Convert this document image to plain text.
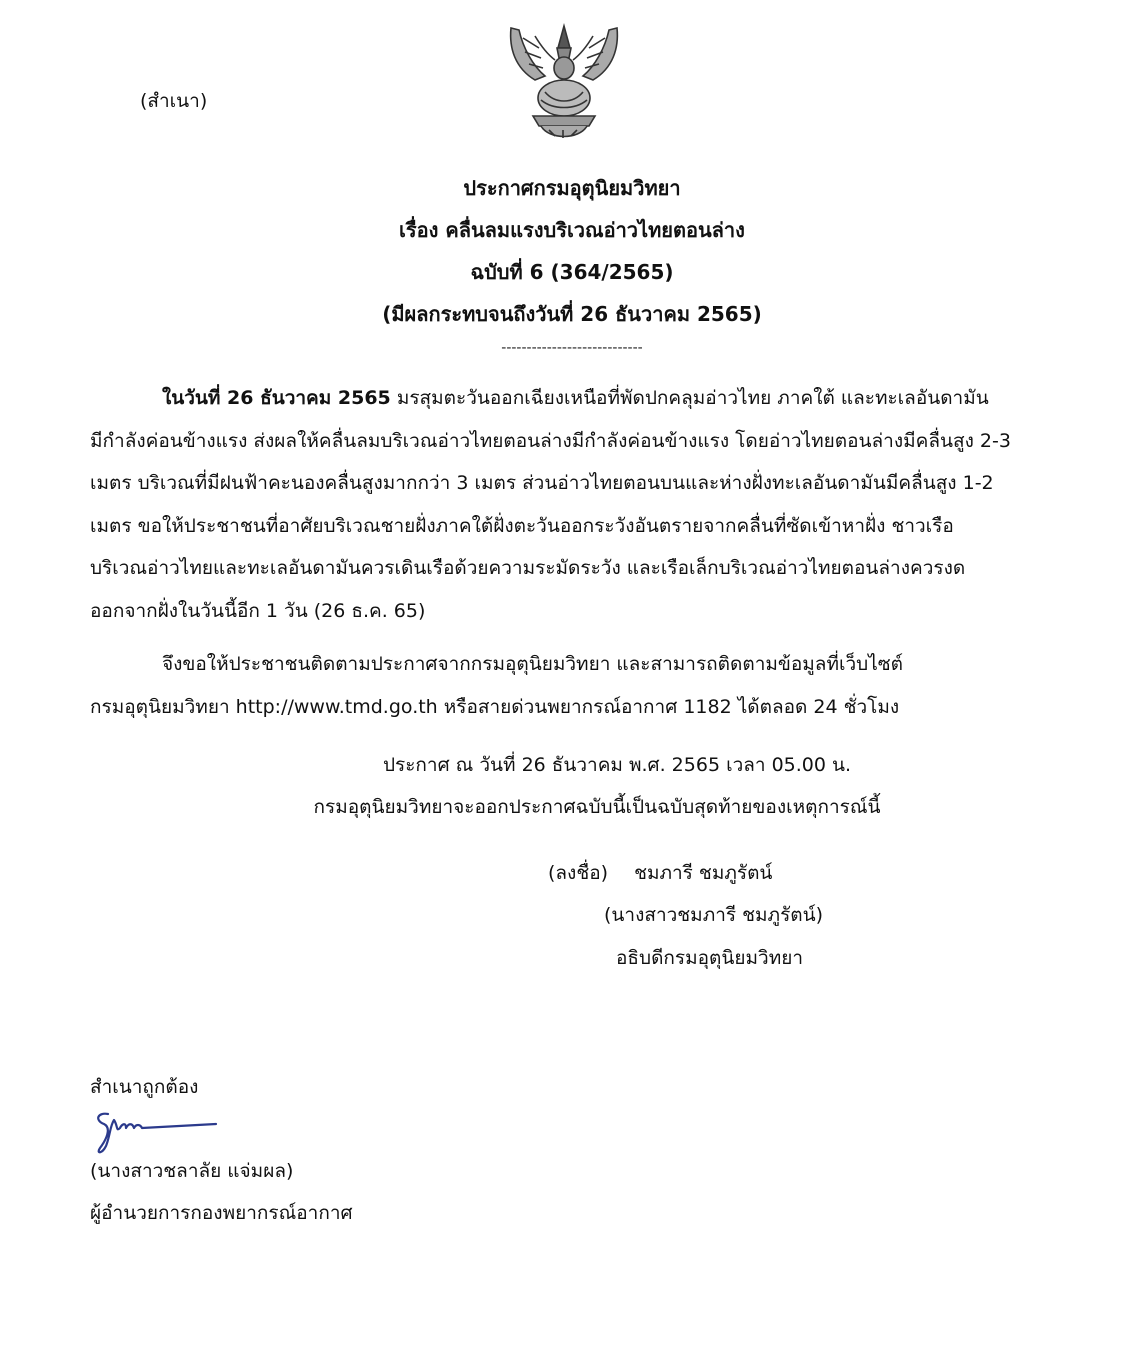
(สำเนา)
ประกาศกรมอุตุนิยมวิทยา
เรื่อง คลื่นลมแรงบริเวณอ่าวไทยตอนล่าง
ฉบับที่ 6 (364/2565)
(มีผลกระทบจนถึงวันที่ 26 ธันวาคม 2565)
----------------------------
ในวันที่ 26 ธันวาคม 2565 มรสุมตะวันออกเฉียงเหนือที่พัดปกคลุมอ่าวไทย ภาคใต้ และทะเลอันดามัน
มีกำลังค่อนข้างแรง ส่งผลให้คลื่นลมบริเวณอ่าวไทยตอนล่างมีกำลังค่อนข้างแรง โดยอ่าวไทยตอนล่างมีคลื่นสูง 2-3
เมตร บริเวณที่มีฝนฟ้าคะนองคลื่นสูงมากกว่า 3 เมตร ส่วนอ่าวไทยตอนบนและห่างฝั่งทะเลอันดามันมีคลื่นสูง 1-2
เมตร ขอให้ประชาชนที่อาศัยบริเวณชายฝั่งภาคใต้ฝั่งตะวันออกระวังอันตรายจากคลื่นที่ซัดเข้าหาฝั่ง ชาวเรือ
บริเวณอ่าวไทยและทะเลอันดามันควรเดินเรือด้วยความระมัดระวัง และเรือเล็กบริเวณอ่าวไทยตอนล่างควรงด
ออกจากฝั่งในวันนี้อีก 1 วัน (26 ธ.ค. 65)
จึงขอให้ประชาชนติดตามประกาศจากกรมอุตุนิยมวิทยา และสามารถติดตามข้อมูลที่เว็บไซต์
กรมอุตุนิยมวิทยา http://www.tmd.go.th หรือสายด่วนพยากรณ์อากาศ 1182 ได้ตลอด 24 ชั่วโมง
ประกาศ ณ วันที่ 26 ธันวาคม พ.ศ. 2565 เวลา 05.00 น.
กรมอุตุนิยมวิทยาจะออกประกาศฉบับนี้เป็นฉบับสุดท้ายของเหตุการณ์นี้
(ลงชื่อ) ชมภารี ชมภูรัตน์
(นางสาวชมภารี ชมภูรัตน์)
อธิบดีกรมอุตุนิยมวิทยา
สำเนาถูกต้อง
(นางสาวชลาลัย แจ่มผล)
ผู้อำนวยการกองพยากรณ์อากาศ
